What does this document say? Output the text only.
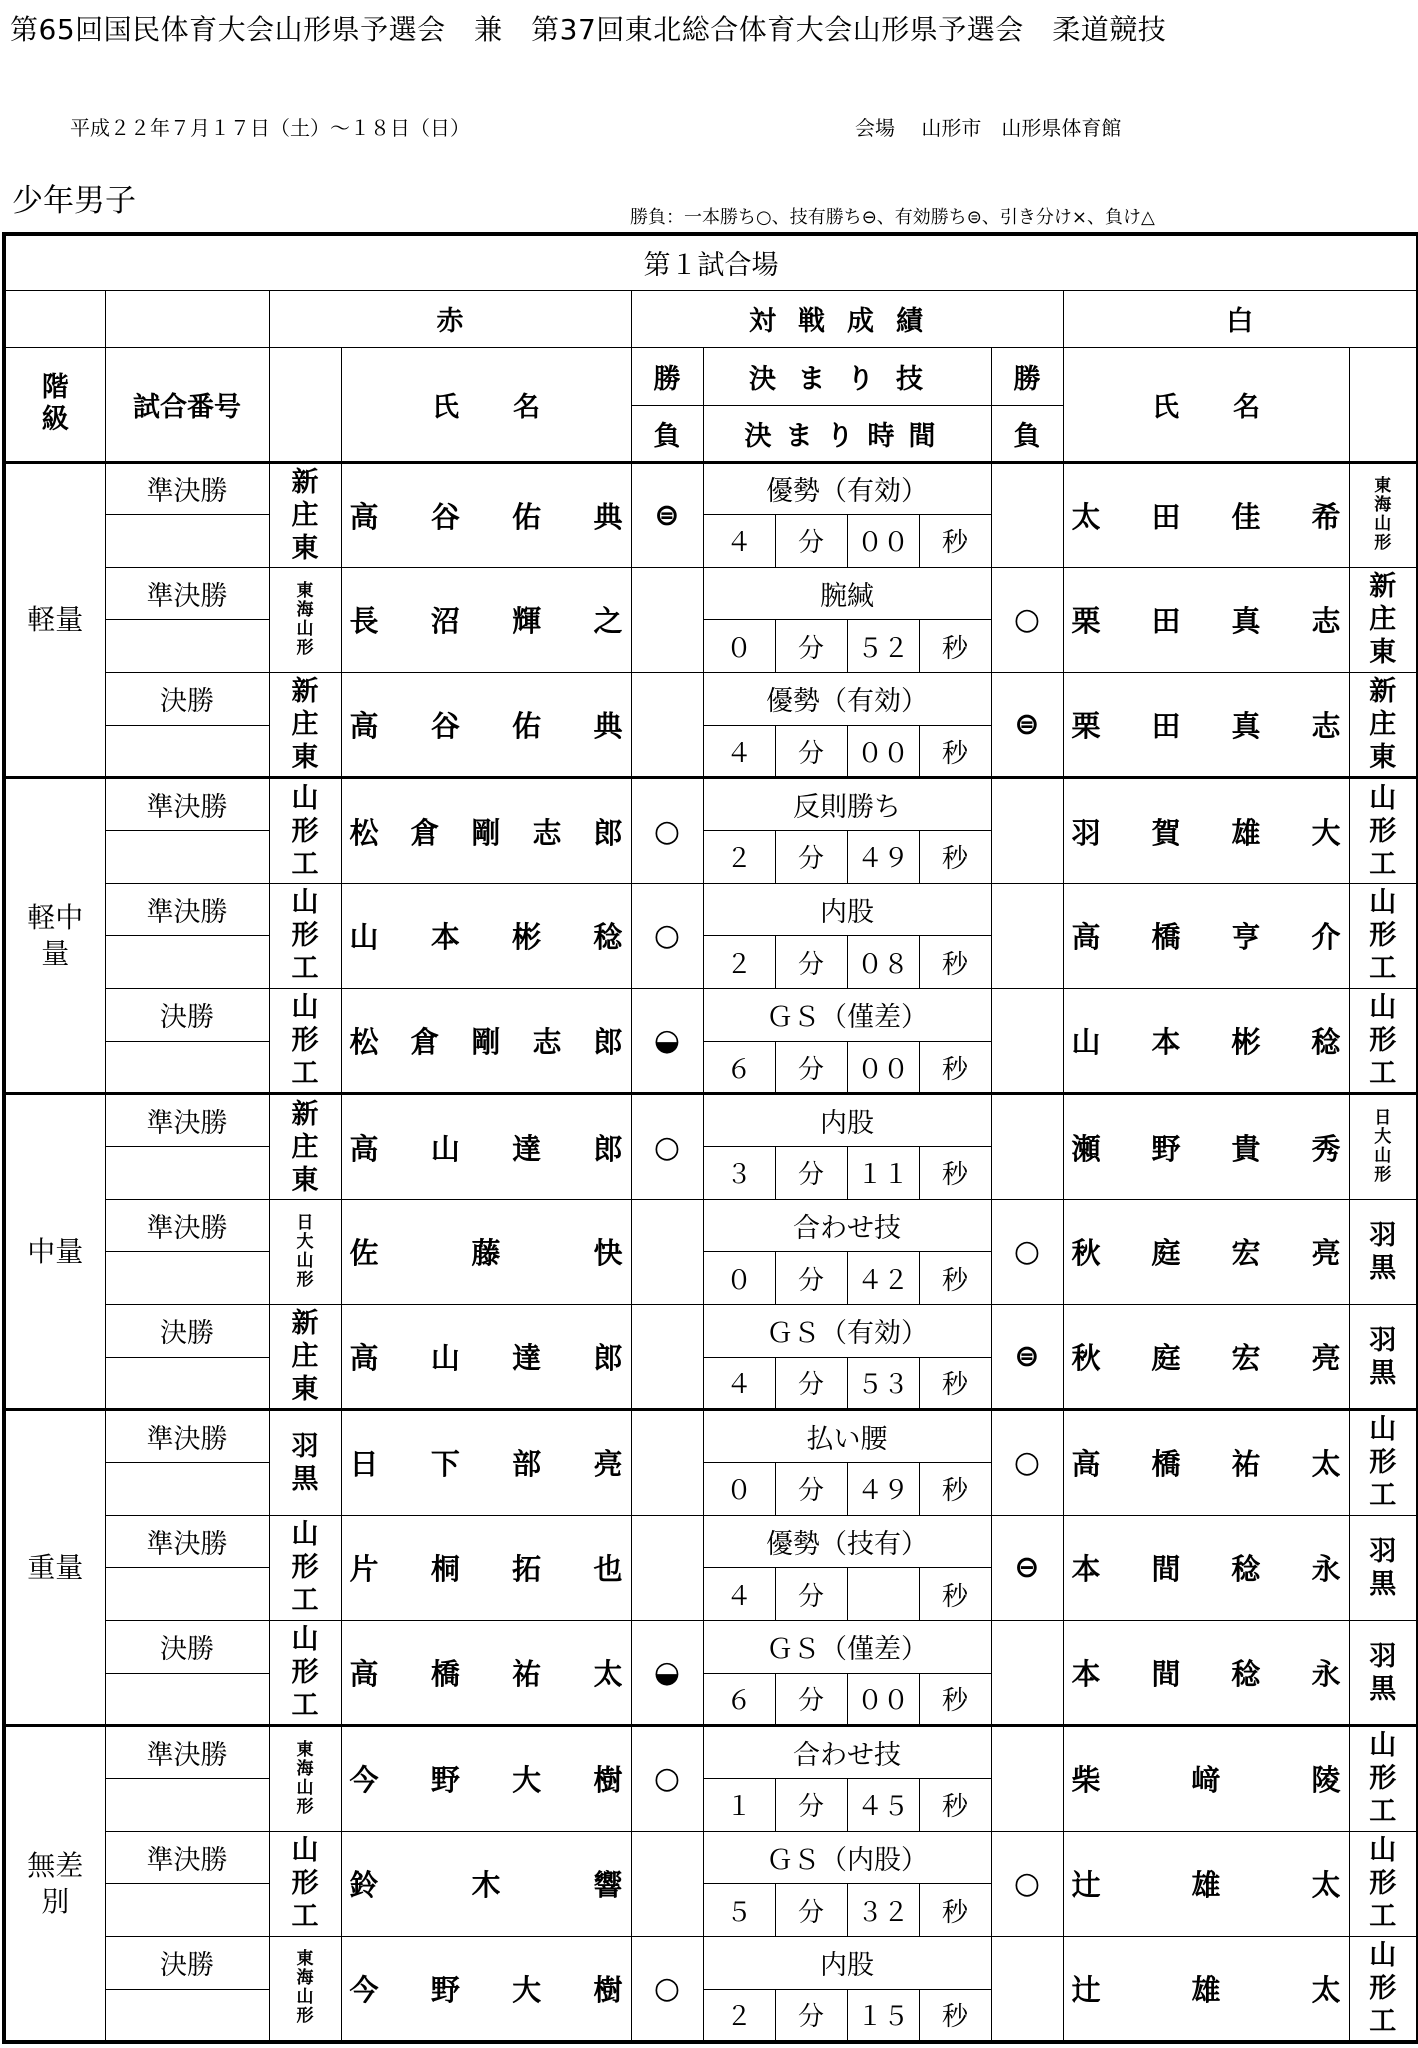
第65回国民体育大会山形県予選会　兼　第37回東北総合体育大会山形県予選会　柔道競技
平成２２年７月１７日（土）～１８日（日）	会場　 山形市　山形県体育館
少年男子	勝負：一本勝ち○、技有勝ち⊖、有効勝ち⊜、引き分け×、負け△
第１試合場											
		赤		対戦成績						白	
階級	試合番号		氏　　名	勝	決まり技				勝	氏　　名	
				負	決まり時間				負		
軽量	準決勝	新庄東	高谷佑典	⊜	優勢（有効）					太田佳希	東海山形
					４	分	００	秒			
	準決勝	東海山形	長沼輝之		腕緘				○	栗田真志	新庄東
					０	分	５２	秒			
	決勝	新庄東	高谷佑典		優勢（有効）				⊜	栗田真志	新庄東
					４	分	００	秒			
軽中量	準決勝	山形工	松倉剛志郎	○	反則勝ち					羽賀雄大	山形工
					２	分	４９	秒			
	準決勝	山形工	山本彬稔	○	内股					高橋亨介	山形工
					２	分	０８	秒			
	決勝	山形工	松倉剛志郎	◒	ＧＳ（僅差）					山本彬稔	山形工
					６	分	００	秒			
中量	準決勝	新庄東	高山達郎	○	内股					瀬野貴秀	日大山形
					３	分	１１	秒			
	準決勝	日大山形	佐藤快		合わせ技				○	秋庭宏亮	羽黒
					０	分	４２	秒			
	決勝	新庄東	高山達郎		ＧＳ（有効）				⊜	秋庭宏亮	羽黒
					４	分	５３	秒			
重量	準決勝	羽黒	日下部亮		払い腰				○	高橋祐太	山形工
					０	分	４９	秒			
	準決勝	山形工	片桐拓也		優勢（技有）				⊖	本間稔永	羽黒
					４	分		秒			
	決勝	山形工	高橋祐太	◒	ＧＳ（僅差）					本間稔永	羽黒
					６	分	００	秒			
無差別	準決勝	東海山形	今野大樹	○	合わせ技					柴﨑陵	山形工
					１	分	４５	秒			
	準決勝	山形工	鈴木響		ＧＳ（内股）				○	辻雄太	山形工
					５	分	３２	秒			
	決勝	東海山形	今野大樹	○	内股					辻雄太	山形工
					２	分	１５	秒			
